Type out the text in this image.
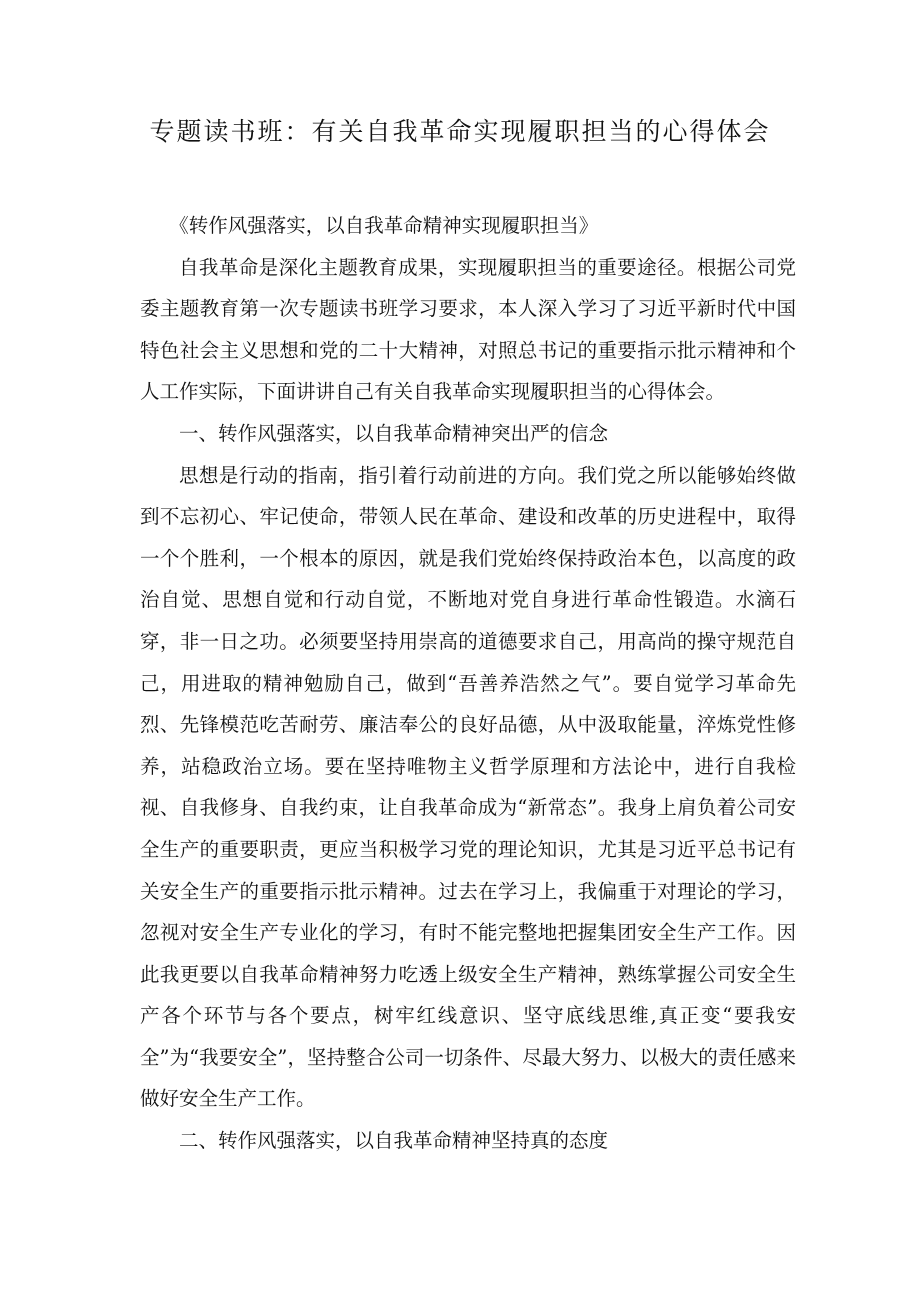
专题读书班：有关自我革命实现履职担当的心得体会

《转作风强落实，以自我革命精神实现履职担当》

自我革命是深化主题教育成果，实现履职担当的重要途径。根据公司党委主题教育第一次专题读书班学习要求，本人深入学习了习近平新时代中国特色社会主义思想和党的二十大精神，对照总书记的重要指示批示精神和个人工作实际，下面讲讲自己有关自我革命实现履职担当的心得体会。

一、转作风强落实，以自我革命精神突出严的信念

思想是行动的指南，指引着行动前进的方向。我们党之所以能够始终做到不忘初心、牢记使命，带领人民在革命、建设和改革的历史进程中，取得一个个胜利，一个根本的原因，就是我们党始终保持政治本色，以高度的政治自觉、思想自觉和行动自觉，不断地对党自身进行革命性锻造。水滴石穿，非一日之功。必须要坚持用崇高的道德要求自己，用高尚的操守规范自己，用进取的精神勉励自己，做到“吾善养浩然之气”。要自觉学习革命先烈、先锋模范吃苦耐劳、廉洁奉公的良好品德，从中汲取能量，淬炼党性修养，站稳政治立场。要在坚持唯物主义哲学原理和方法论中，进行自我检视、自我修身、自我约束，让自我革命成为“新常态”。我身上肩负着公司安全生产的重要职责，更应当积极学习党的理论知识，尤其是习近平总书记有关安全生产的重要指示批示精神。过去在学习上，我偏重于对理论的学习，忽视对安全生产专业化的学习，有时不能完整地把握集团安全生产工作。因此我更要以自我革命精神努力吃透上级安全生产精神，熟练掌握公司安全生产各个环节与各个要点，树牢红线意识、坚守底线思维,真正变“要我安全”为“我要安全”，坚持整合公司一切条件、尽最大努力、以极大的责任感来做好安全生产工作。

二、转作风强落实，以自我革命精神坚持真的态度
